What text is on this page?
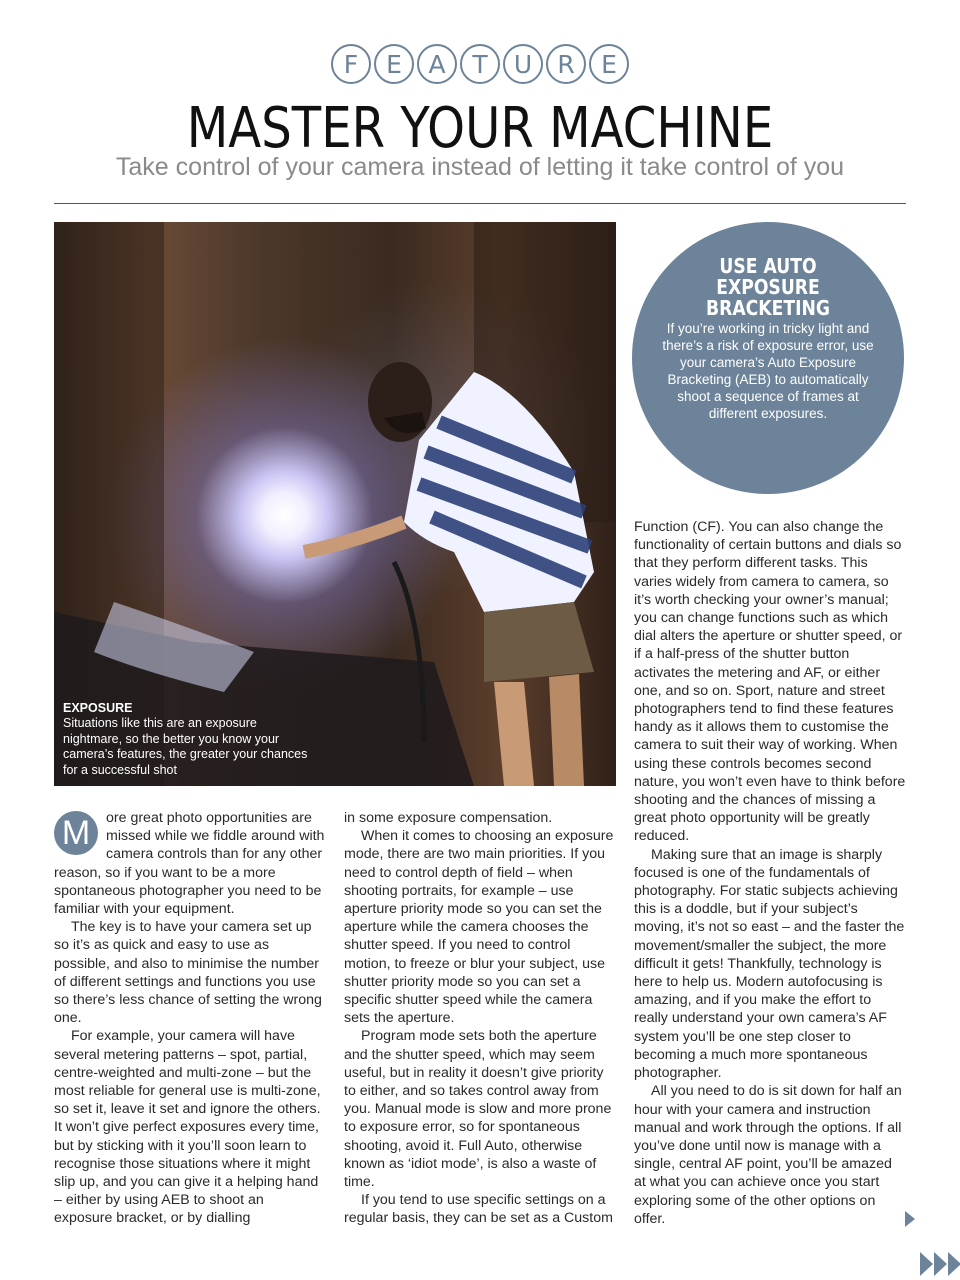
F	E	A	T	U	R	E
MASTER YOUR MACHINE

Take control of your camera instead of letting it take control of you

EXPOSURE
Situations like this are an exposure nightmare, so the better you know your camera’s features, the greater your chances for a successful shot

USE AUTO EXPOSURE BRACKETING

If you’re working in tricky light and there’s a risk of exposure error, use your camera’s Auto Exposure Bracketing (AEB) to automatically shoot a sequence of frames at different exposures.

M	ore great photo opportunities are missed while we fiddle around with camera controls than for any other reason, so if you want to be a more spontaneous photographer you need to be familiar with your equipment.

The key is to have your camera set up so it’s as quick and easy to use as possible, and also to minimise the number of different settings and functions you use so there’s less chance of setting the wrong one.

For example, your camera will have several metering patterns – spot, partial, centre-weighted and multi-zone – but the most reliable for general use is multi-zone, so set it, leave it set and ignore the others. It won’t give perfect exposures every time, but by sticking with it you’ll soon learn to recognise those situations where it might slip up, and you can give it a helping hand – either by using AEB to shoot an exposure bracket, or by dialling

in some exposure compensation.

When it comes to choosing an exposure mode, there are two main priorities. If you need to control depth of field – when shooting portraits, for example – use aperture priority mode so you can set the aperture while the camera chooses the shutter speed. If you need to control motion, to freeze or blur your subject, use shutter priority mode so you can set a specific shutter speed while the camera sets the aperture.

Program mode sets both the aperture and the shutter speed, which may seem useful, but in reality it doesn’t give priority to either, and so takes control away from you. Manual mode is slow and more prone to exposure error, so for spontaneous shooting, avoid it. Full Auto, otherwise known as ‘idiot mode’, is also a waste of time.

If you tend to use specific settings on a regular basis, they can be set as a Custom

Function (CF). You can also change the functionality of certain buttons and dials so that they perform different tasks. This varies widely from camera to camera, so it’s worth checking your owner’s manual; you can change functions such as which dial alters the aperture or shutter speed, or if a half-press of the shutter button activates the metering and AF, or either one, and so on. Sport, nature and street photographers tend to find these features handy as it allows them to customise the camera to suit their way of working. When using these controls becomes second nature, you won’t even have to think before shooting and the chances of missing a great photo opportunity will be greatly reduced.

Making sure that an image is sharply focused is one of the fundamentals of photography. For static subjects achieving this is a doddle, but if your subject’s moving, it’s not so east – and the faster the movement/smaller the subject, the more difficult it gets! Thankfully, technology is here to help us. Modern autofocusing is amazing, and if you make the effort to really understand your own camera’s AF system you’ll be one step closer to becoming a much more spontaneous photographer.

All you need to do is sit down for half an hour with your camera and instruction manual and work through the options. If all you’ve done until now is manage with a single, central AF point, you’ll be amazed at what you can achieve once you start exploring some of the other options on offer.
